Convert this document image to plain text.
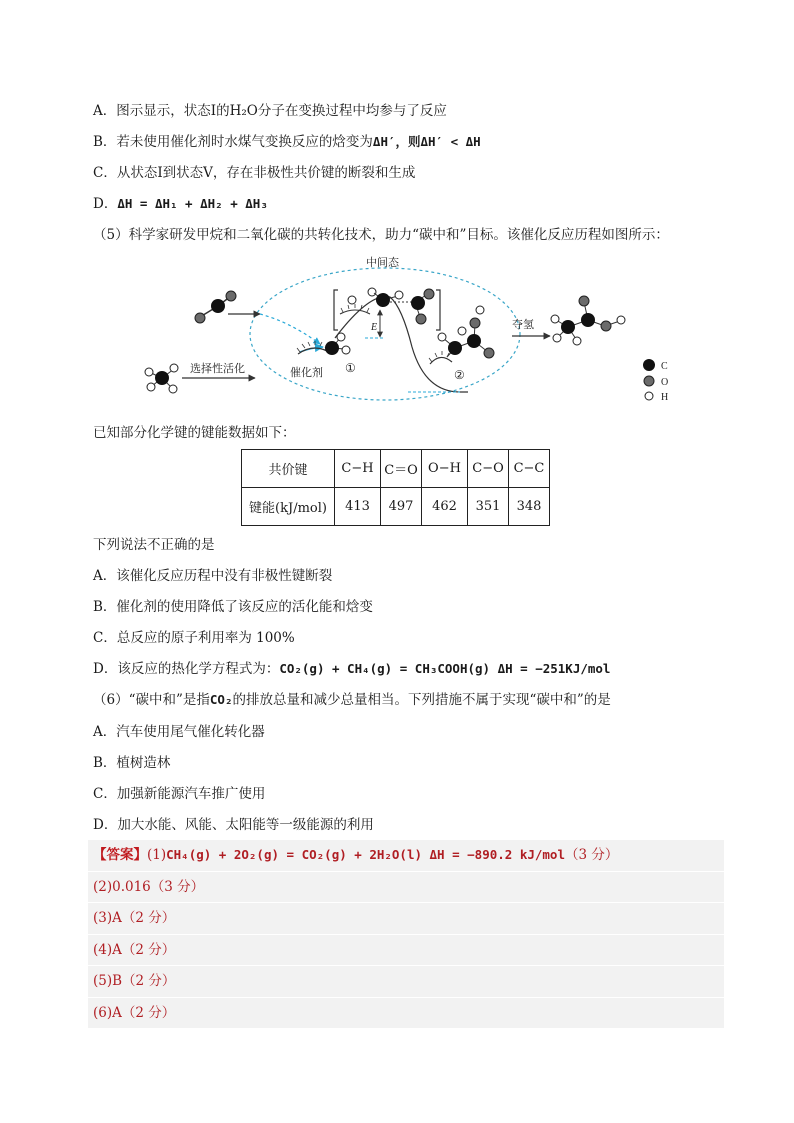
A．图示显示，状态Ⅰ的H₂O分子在变换过程中均参与了反应
B．若未使用催化剂时水煤气变换反应的焓变为ΔH′，则ΔH′ < ΔH
C．从状态Ⅰ到状态Ⅴ，存在非极性共价键的断裂和生成
D．ΔH = ΔH₁ + ΔH₂ + ΔH₃
（5）科学家研发甲烷和二氧化碳的共转化技术，助力“碳中和”目标。该催化反应历程如图所示：
中间态
选择性活化	催化剂 ①
E
②
夺氢
C
O
H
已知部分化学键的键能数据如下：
共价键	C−H	C＝O	O−H	C−O	C−C
键能(kJ/mol)	413	497	462	351	348
下列说法不正确的是
A．该催化反应历程中没有非极性键断裂
B．催化剂的使用降低了该反应的活化能和焓变
C．总反应的原子利用率为 100%
D．该反应的热化学方程式为：CO₂(g) + CH₄(g) = CH₃COOH(g) ΔH = −251KJ/mol
（6）“碳中和”是指CO₂的排放总量和减少总量相当。下列措施不属于实现“碳中和”的是
A．汽车使用尾气催化转化器
B．植树造林
C．加强新能源汽车推广使用
D．加大水能、风能、太阳能等一级能源的利用
【答案】(1)CH₄(g) + 2O₂(g) = CO₂(g) + 2H₂O(l) ΔH = −890.2 kJ/mol（3 分）
(2)0.016（3 分）
(3)A（2 分）
(4)A（2 分）
(5)B（2 分）
(6)A（2 分）
